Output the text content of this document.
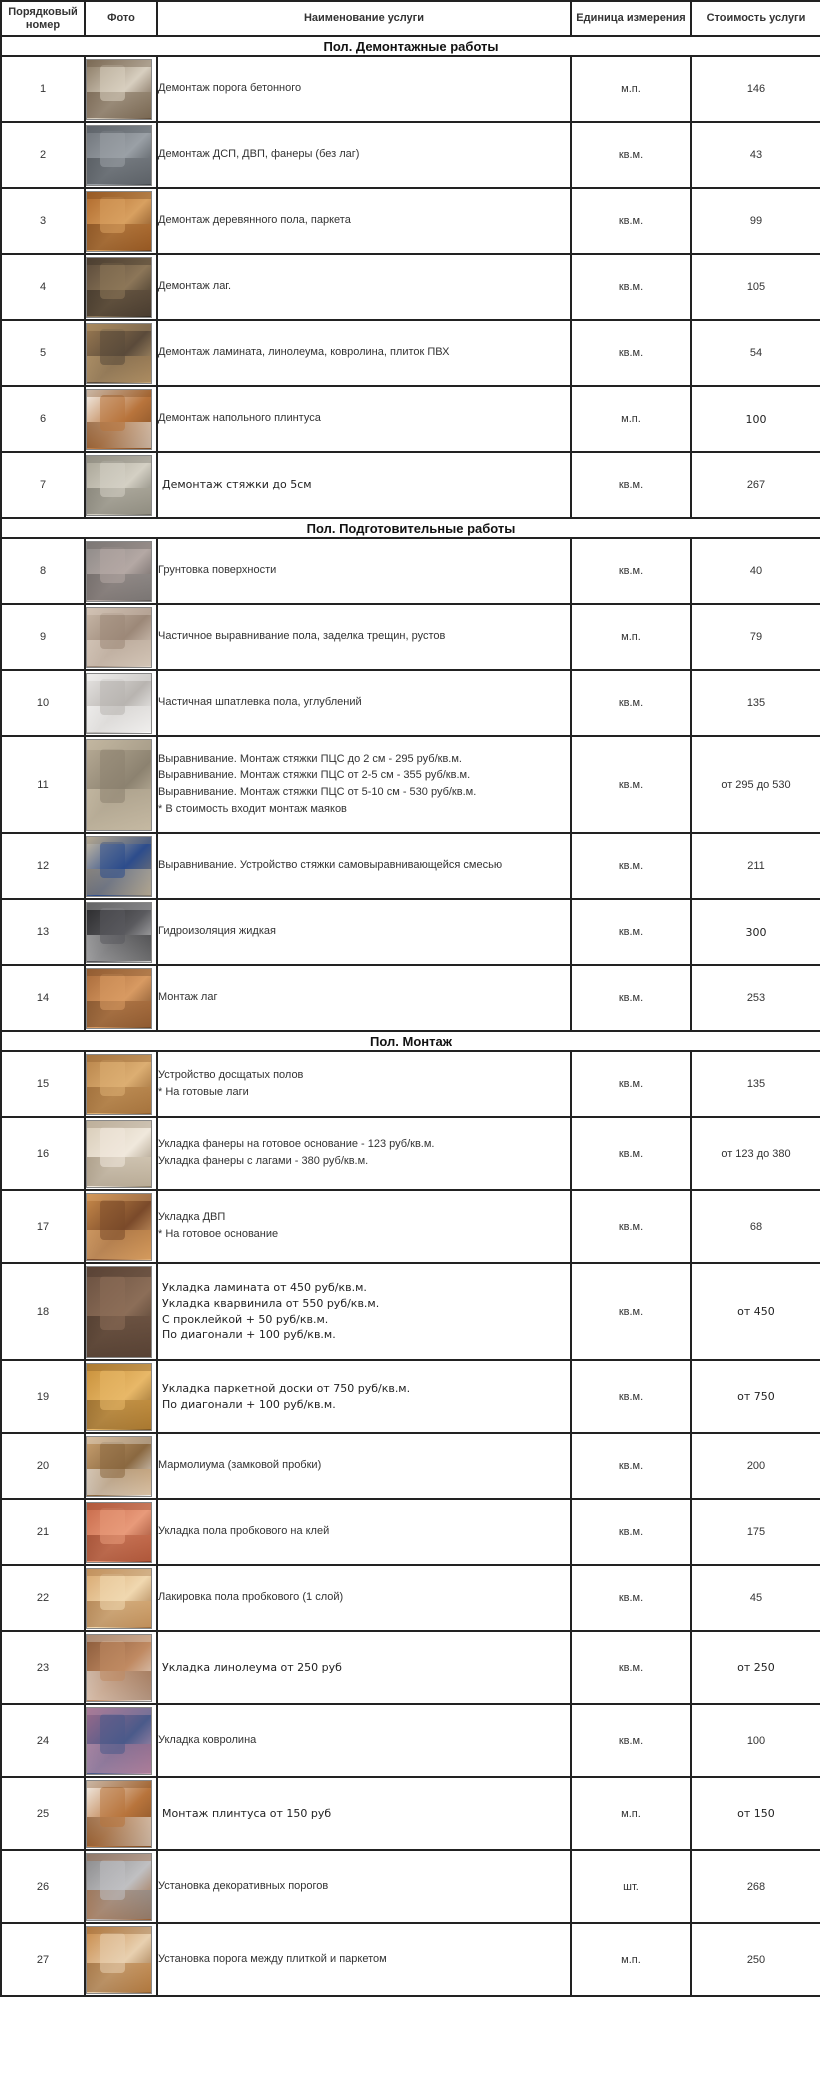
Порядковый номер	Фото	Наименование услуги	Единица измерения	Стоимость услуги
Пол. Демонтажные работы				
1		Демонтаж порога бетонного	м.п.	146
2		Демонтаж ДСП, ДВП, фанеры (без лаг)	кв.м.	43
3		Демонтаж деревянного пола, паркета	кв.м.	99
4		Демонтаж лаг.	кв.м.	105
5		Демонтаж ламината, линолеума, ковролина, плиток ПВХ	кв.м.	54
6		Демонтаж напольного плинтуса	м.п.	100
7		Демонтаж стяжки до 5см	кв.м.	267
Пол. Подготовительные работы				
8		Грунтовка поверхности	кв.м.	40
9		Частичное выравнивание пола, заделка трещин, рустов	м.п.	79
10		Частичная шпатлевка пола, углублений	кв.м.	135
11		Выравнивание. Монтаж стяжки ПЦС до 2 см - 295 руб/кв.м.
Выравнивание. Монтаж стяжки ПЦС от 2-5 см - 355 руб/кв.м.
Выравнивание. Монтаж стяжки ПЦС от 5-10 см - 530 руб/кв.м.
* В стоимость входит монтаж маяков	кв.м.	от 295 до 530
12		Выравнивание. Устройство стяжки самовыравнивающейся смесью	кв.м.	211
13		Гидроизоляция жидкая	кв.м.	300
14		Монтаж лаг	кв.м.	253
Пол. Монтаж				
15		Устройство досщатых полов
* На готовые лаги	кв.м.	135
16		Укладка фанеры на готовое основание - 123 руб/кв.м.
Укладка фанеры с лагами - 380 руб/кв.м.	кв.м.	от 123 до 380
17		Укладка ДВП
* На готовое основание	кв.м.	68
18		Укладка ламината от 450 руб/кв.м.
Укладка кварвинила от 550 руб/кв.м.
С проклейкой + 50 руб/кв.м.
По диагонали + 100 руб/кв.м.	кв.м.	от 450
19		Укладка паркетной доски от 750 руб/кв.м.
По диагонали + 100 руб/кв.м.	кв.м.	от 750
20		Мармолиума (замковой пробки)	кв.м.	200
21		Укладка пола пробкового на клей	кв.м.	175
22		Лакировка пола пробкового (1 слой)	кв.м.	45
23		Укладка линолеума от 250 руб	кв.м.	от 250
24		Укладка ковролина	кв.м.	100
25		Монтаж плинтуса от 150 руб	м.п.	от 150
26		Установка декоративных порогов	шт.	268
27		Установка порога между плиткой и паркетом	м.п.	250
